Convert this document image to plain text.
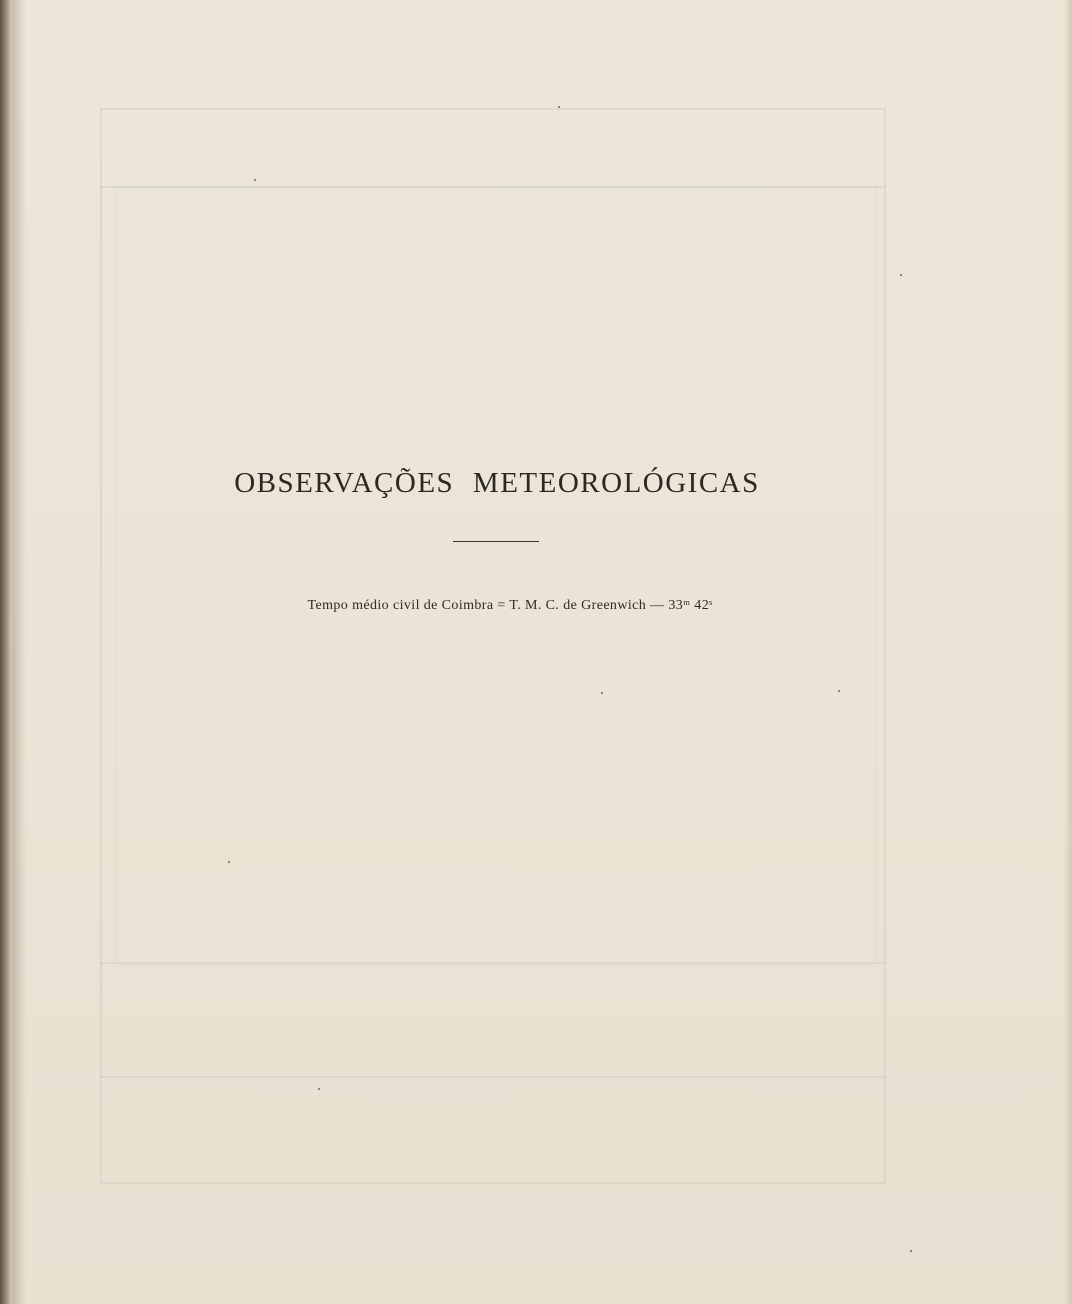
OBSERVAÇÕES METEOROLÓGICAS
Tempo médio civil de Coimbra = T. M. C. de Greenwich — 33ᵐ 42ˢ
